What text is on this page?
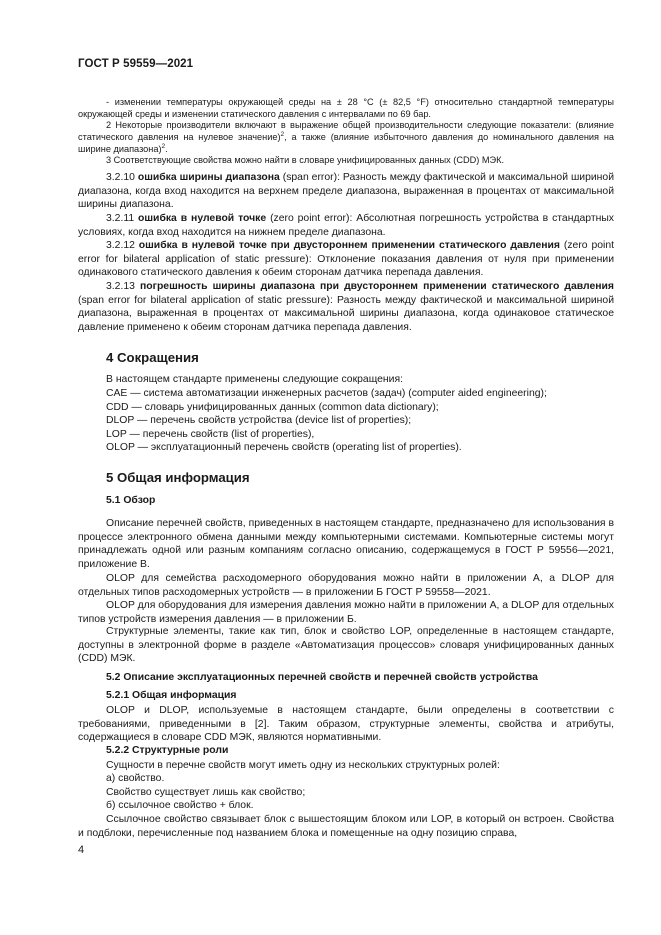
ГОСТ Р 59559—2021

- изменении температуры окружающей среды на ± 28 °C (± 82,5 °F) относительно стандартной температуры окружающей среды и изменении статического давления с интервалами по 69 бар.

2 Некоторые производители включают в выражение общей производительности следующие показатели: (влияние статического давления на нулевое значение)$^2$, а также (влияние избыточного давления до номинального давления на ширине диапазона)$^2$.

3 Соответствующие свойства можно найти в словаре унифицированных данных (CDD) МЭК.

3.2.10 ошибка ширины диапазона (span error): Разность между фактической и максимальной шириной диапазона, когда вход находится на верхнем пределе диапазона, выраженная в процентах от максимальной ширины диапазона.

3.2.11 ошибка в нулевой точке (zero point error): Абсолютная погрешность устройства в стандартных условиях, когда вход находится на нижнем пределе диапазона.

3.2.12 ошибка в нулевой точке при двустороннем применении статического давления (zero point error for bilateral application of static pressure): Отклонение показания давления от нуля при применении одинакового статического давления к обеим сторонам датчика перепада давления.

3.2.13 погрешность ширины диапазона при двустороннем применении статического давления (span error for bilateral application of static pressure): Разность между фактической и максимальной шириной диапазона, выраженная в процентах от максимальной ширины диапазона, когда одинаковое статическое давление применено к обеим сторонам датчика перепада давления.

4 Сокращения
В настоящем стандарте применены следующие сокращения:
CAE — система автоматизации инженерных расчетов (задач) (computer aided engineering);
CDD — словарь унифицированных данных (common data dictionary);
DLOP — перечень свойств устройства (device list of properties);
LOP — перечень свойств (list of properties),
OLOP — эксплуатационный перечень свойств (operating list of properties).
5 Общая информация
5.1 Обзор

Описание перечней свойств, приведенных в настоящем стандарте, предназначено для использования в процессе электронного обмена данными между компьютерными системами. Компьютерные системы могут принадлежать одной или разным компаниям согласно описанию, содержащемуся в ГОСТ Р 59556—2021, приложение В.

OLOP для семейства расходомерного оборудования можно найти в приложении А, а DLOP для отдельных типов расходомерных устройств — в приложении Б ГОСТ Р 59558—2021.

OLOP для оборудования для измерения давления можно найти в приложении А, а DLOP для отдельных типов устройств измерения давления — в приложении Б.

Структурные элементы, такие как тип, блок и свойство LOP, определенные в настоящем стандарте, доступны в электронной форме в разделе «Автоматизация процессов» словаря унифицированных данных (CDD) МЭК.

5.2 Описание эксплуатационных перечней свойств и перечней свойств устройства
5.2.1 Общая информация

OLOP и DLOP, используемые в настоящем стандарте, были определены в соответствии с требованиями, приведенными в [2]. Таким образом, структурные элементы, свойства и атрибуты, содержащиеся в словаре CDD МЭК, являются нормативными.

5.2.2 Структурные роли
Сущности в перечне свойств могут иметь одну из нескольких структурных ролей:
а) свойство.
Свойство существует лишь как свойство;
б) ссылочное свойство + блок.

Ссылочное свойство связывает блок с вышестоящим блоком или LOP, в который он встроен. Свойства и подблоки, перечисленные под названием блока и помещенные на одну позицию справа,

4
